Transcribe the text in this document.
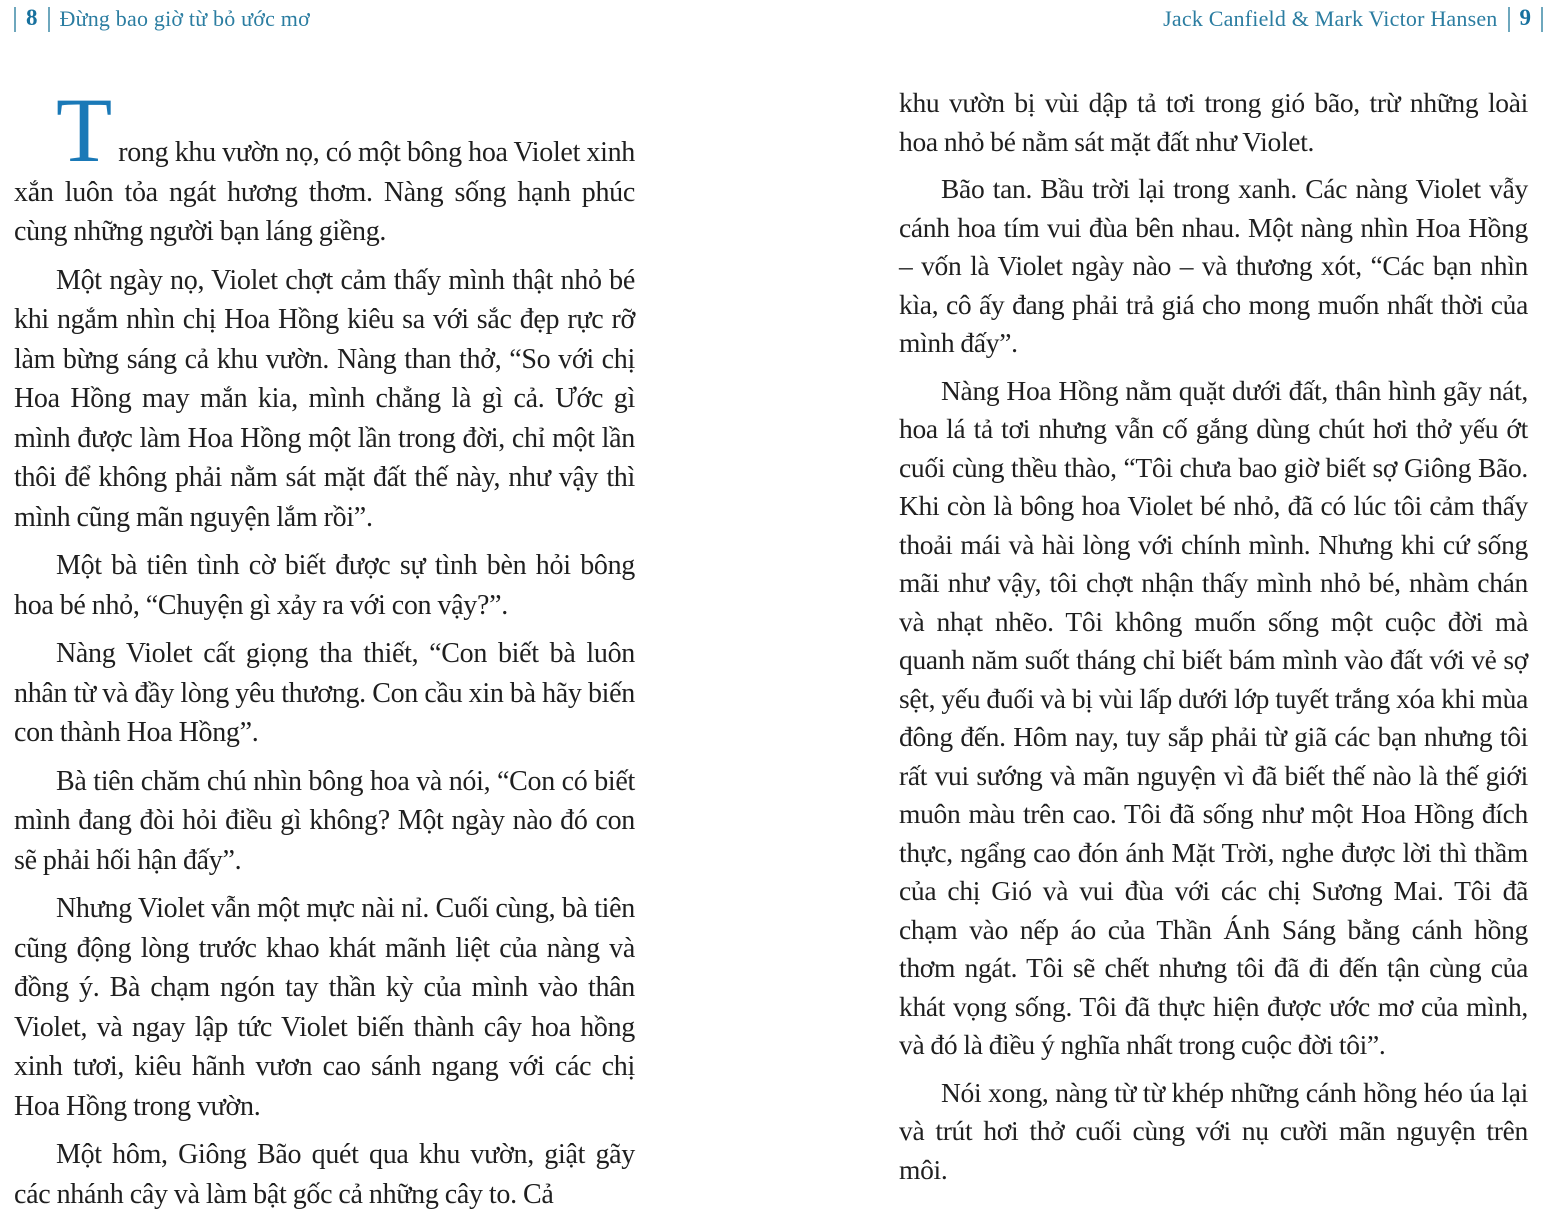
8 Đừng bao giờ từ bỏ ước mơ

Trong khu vườn nọ, có một bông hoa Violet xinh xắn luôn tỏa ngát hương thơm. Nàng sống hạnh phúc cùng những người bạn láng giềng.

Một ngày nọ, Violet chợt cảm thấy mình thật nhỏ bé khi ngắm nhìn chị Hoa Hồng kiêu sa với sắc đẹp rực rỡ làm bừng sáng cả khu vườn. Nàng than thở, “So với chị Hoa Hồng may mắn kia, mình chẳng là gì cả. Ước gì mình được làm Hoa Hồng một lần trong đời, chỉ một lần thôi để không phải nằm sát mặt đất thế này, như vậy thì mình cũng mãn nguyện lắm rồi”.

Một bà tiên tình cờ biết được sự tình bèn hỏi bông hoa bé nhỏ, “Chuyện gì xảy ra với con vậy?”.

Nàng Violet cất giọng tha thiết, “Con biết bà luôn nhân từ và đầy lòng yêu thương. Con cầu xin bà hãy biến con thành Hoa Hồng”.

Bà tiên chăm chú nhìn bông hoa và nói, “Con có biết mình đang đòi hỏi điều gì không? Một ngày nào đó con sẽ phải hối hận đấy”.

Nhưng Violet vẫn một mực nài nỉ. Cuối cùng, bà tiên cũng động lòng trước khao khát mãnh liệt của nàng và đồng ý. Bà chạm ngón tay thần kỳ của mình vào thân Violet, và ngay lập tức Violet biến thành cây hoa hồng xinh tươi, kiêu hãnh vươn cao sánh ngang với các chị Hoa Hồng trong vườn.

Một hôm, Giông Bão quét qua khu vườn, giật gãy các nhánh cây và làm bật gốc cả những cây to. Cả

Jack Canfield & Mark Victor Hansen 9

khu vườn bị vùi dập tả tơi trong gió bão, trừ những loài hoa nhỏ bé nằm sát mặt đất như Violet.

Bão tan. Bầu trời lại trong xanh. Các nàng Violet vẫy cánh hoa tím vui đùa bên nhau. Một nàng nhìn Hoa Hồng – vốn là Violet ngày nào – và thương xót, “Các bạn nhìn kìa, cô ấy đang phải trả giá cho mong muốn nhất thời của mình đấy”.

Nàng Hoa Hồng nằm quặt dưới đất, thân hình gãy nát, hoa lá tả tơi nhưng vẫn cố gắng dùng chút hơi thở yếu ớt cuối cùng thều thào, “Tôi chưa bao giờ biết sợ Giông Bão. Khi còn là bông hoa Violet bé nhỏ, đã có lúc tôi cảm thấy thoải mái và hài lòng với chính mình. Nhưng khi cứ sống mãi như vậy, tôi chợt nhận thấy mình nhỏ bé, nhàm chán và nhạt nhẽo. Tôi không muốn sống một cuộc đời mà quanh năm suốt tháng chỉ biết bám mình vào đất với vẻ sợ sệt, yếu đuối và bị vùi lấp dưới lớp tuyết trắng xóa khi mùa đông đến. Hôm nay, tuy sắp phải từ giã các bạn nhưng tôi rất vui sướng và mãn nguyện vì đã biết thế nào là thế giới muôn màu trên cao. Tôi đã sống như một Hoa Hồng đích thực, ngẩng cao đón ánh Mặt Trời, nghe được lời thì thầm của chị Gió và vui đùa với các chị Sương Mai. Tôi đã chạm vào nếp áo của Thần Ánh Sáng bằng cánh hồng thơm ngát. Tôi sẽ chết nhưng tôi đã đi đến tận cùng của khát vọng sống. Tôi đã thực hiện được ước mơ của mình, và đó là điều ý nghĩa nhất trong cuộc đời tôi”.

Nói xong, nàng từ từ khép những cánh hồng héo úa lại và trút hơi thở cuối cùng với nụ cười mãn nguyện trên môi.
